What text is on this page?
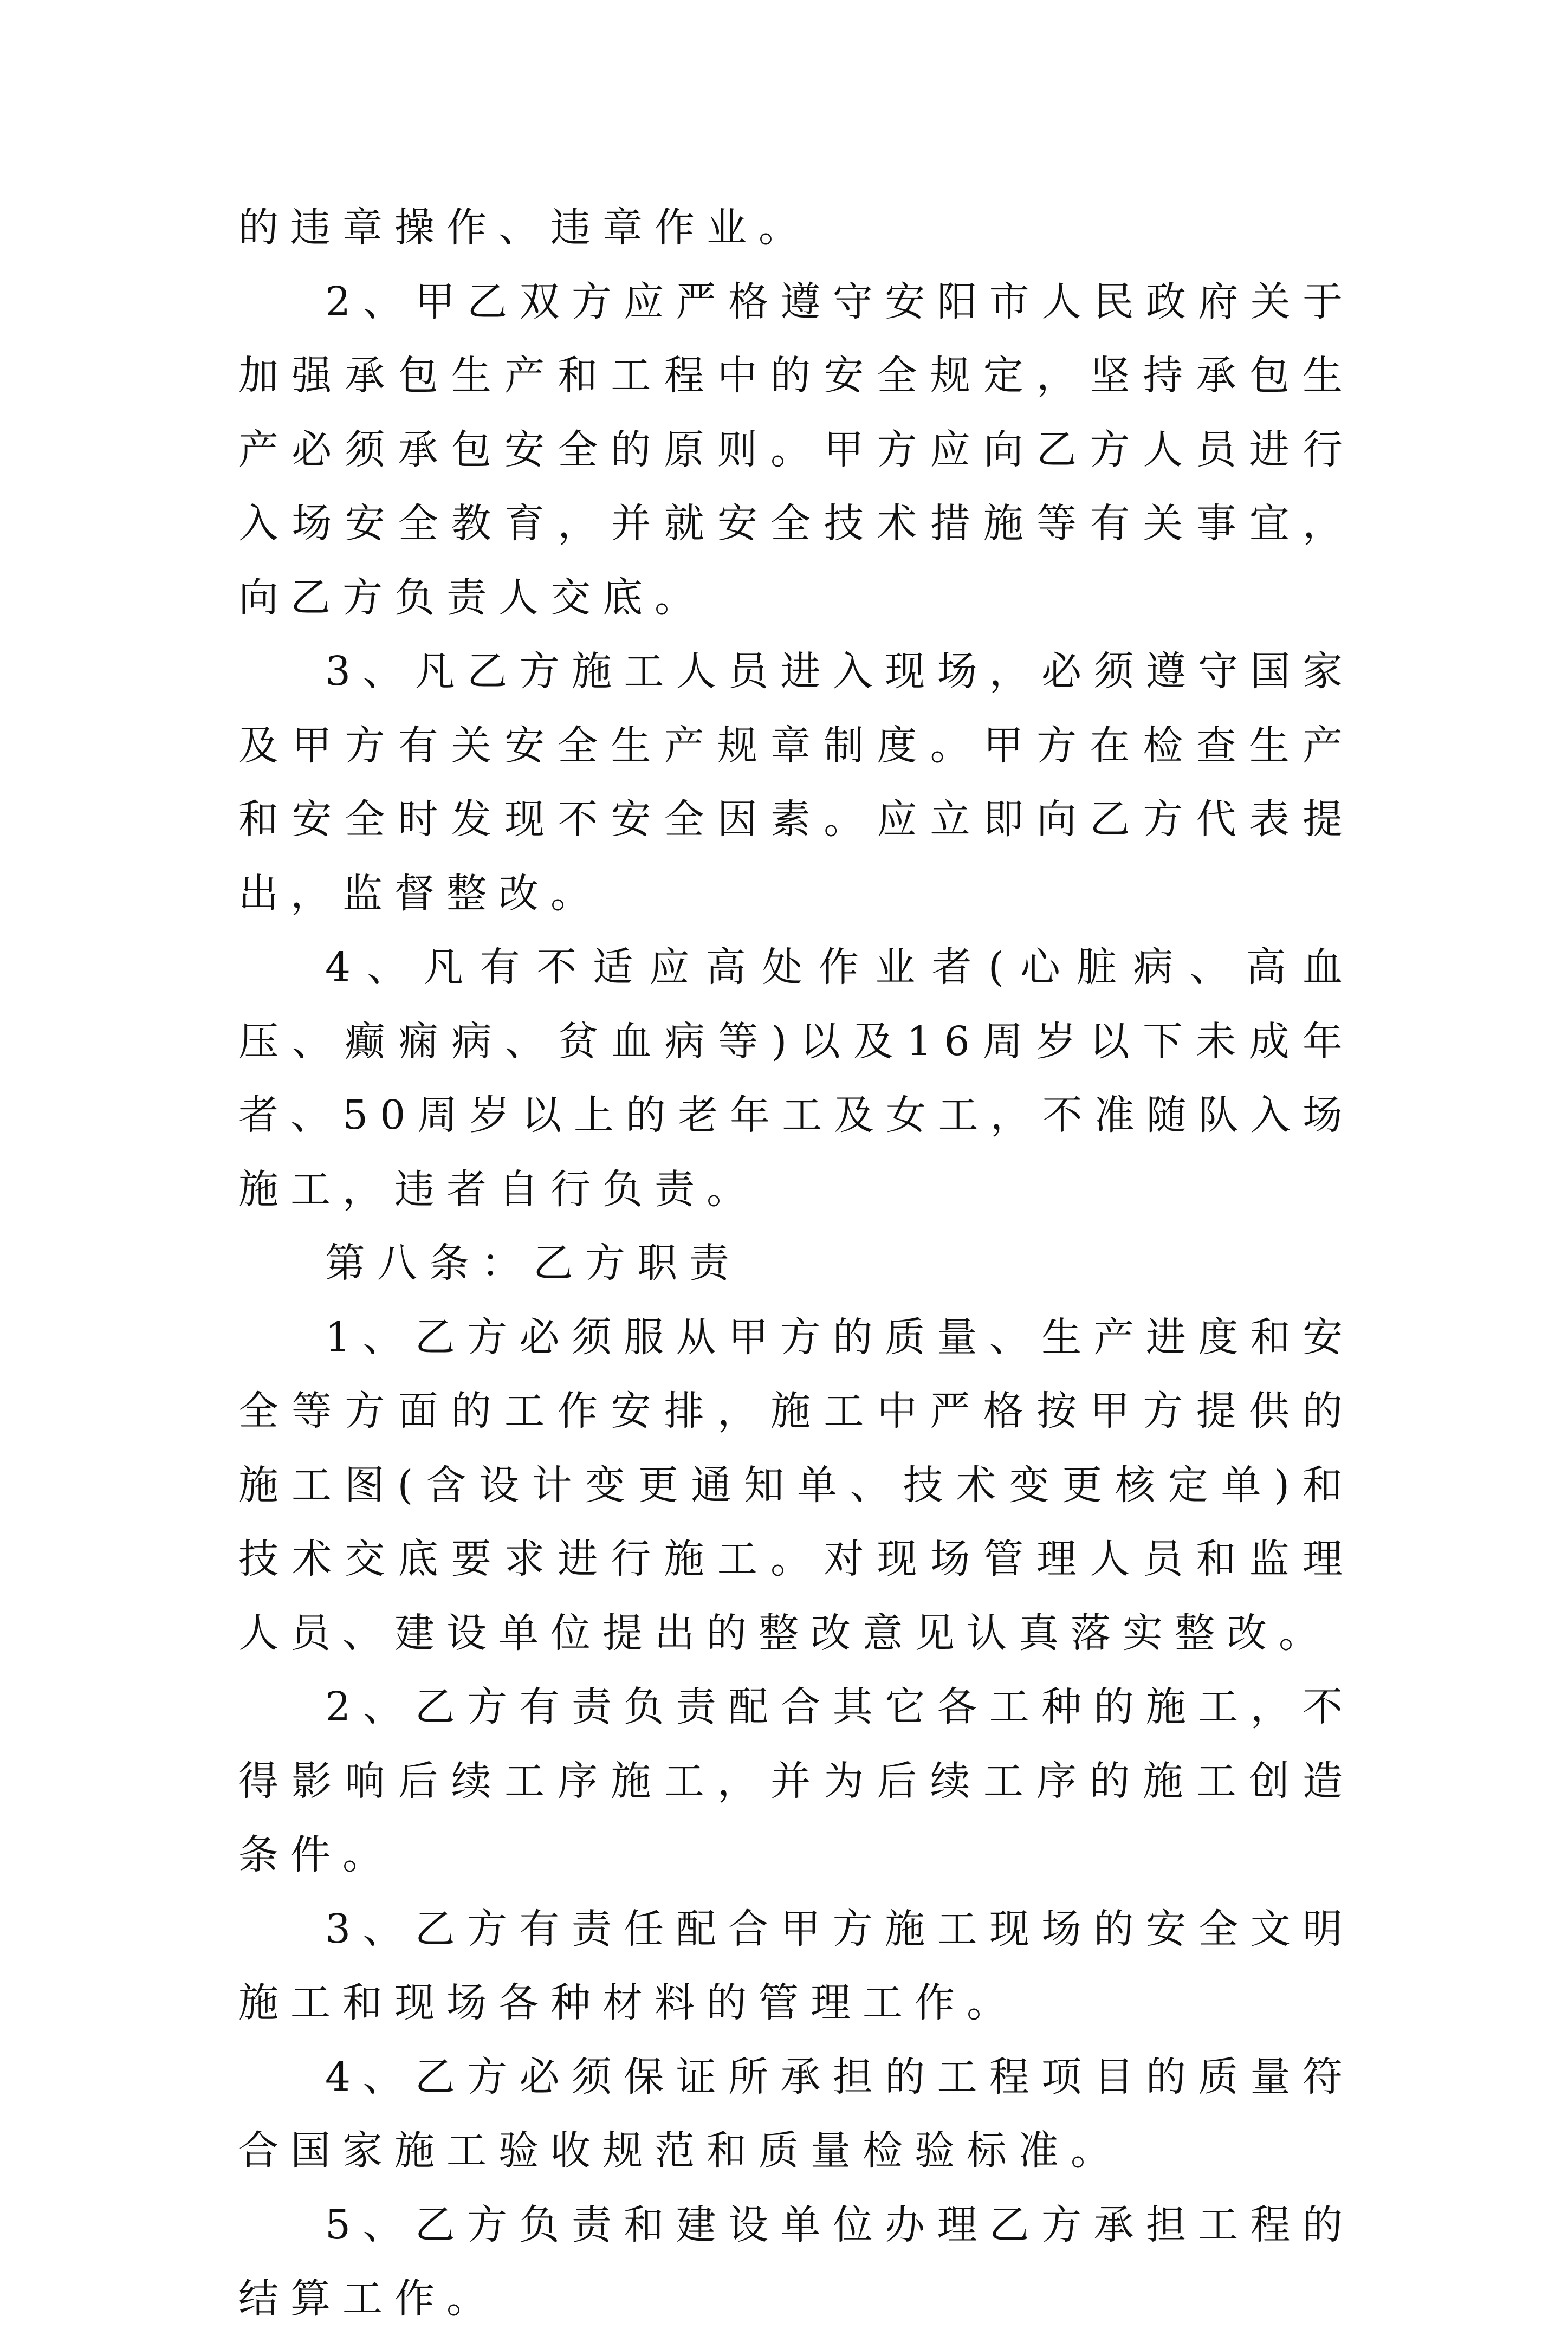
的违章操作、违章作业。

2、甲乙双方应严格遵守安阳市人民政府关于加强承包生产和工程中的安全规定，坚持承包生产必须承包安全的原则。甲方应向乙方人员进行入场安全教育，并就安全技术措施等有关事宜，向乙方负责人交底。

3、凡乙方施工人员进入现场，必须遵守国家及甲方有关安全生产规章制度。甲方在检查生产和安全时发现不安全因素。应立即向乙方代表提出，监督整改。

4、凡有不适应高处作业者(心脏病、高血压、癫痫病、贫血病等)以及16周岁以下未成年者、50周岁以上的老年工及女工，不准随队入场施工，违者自行负责。

第八条：乙方职责

1、乙方必须服从甲方的质量、生产进度和安全等方面的工作安排，施工中严格按甲方提供的施工图(含设计变更通知单、技术变更核定单)和技术交底要求进行施工。对现场管理人员和监理人员、建设单位提出的整改意见认真落实整改。

2、乙方有责负责配合其它各工种的施工，不得影响后续工序施工，并为后续工序的施工创造条件。

3、乙方有责任配合甲方施工现场的安全文明施工和现场各种材料的管理工作。

4、乙方必须保证所承担的工程项目的质量符合国家施工验收规范和质量检验标准。

5、乙方负责和建设单位办理乙方承担工程的结算工作。
